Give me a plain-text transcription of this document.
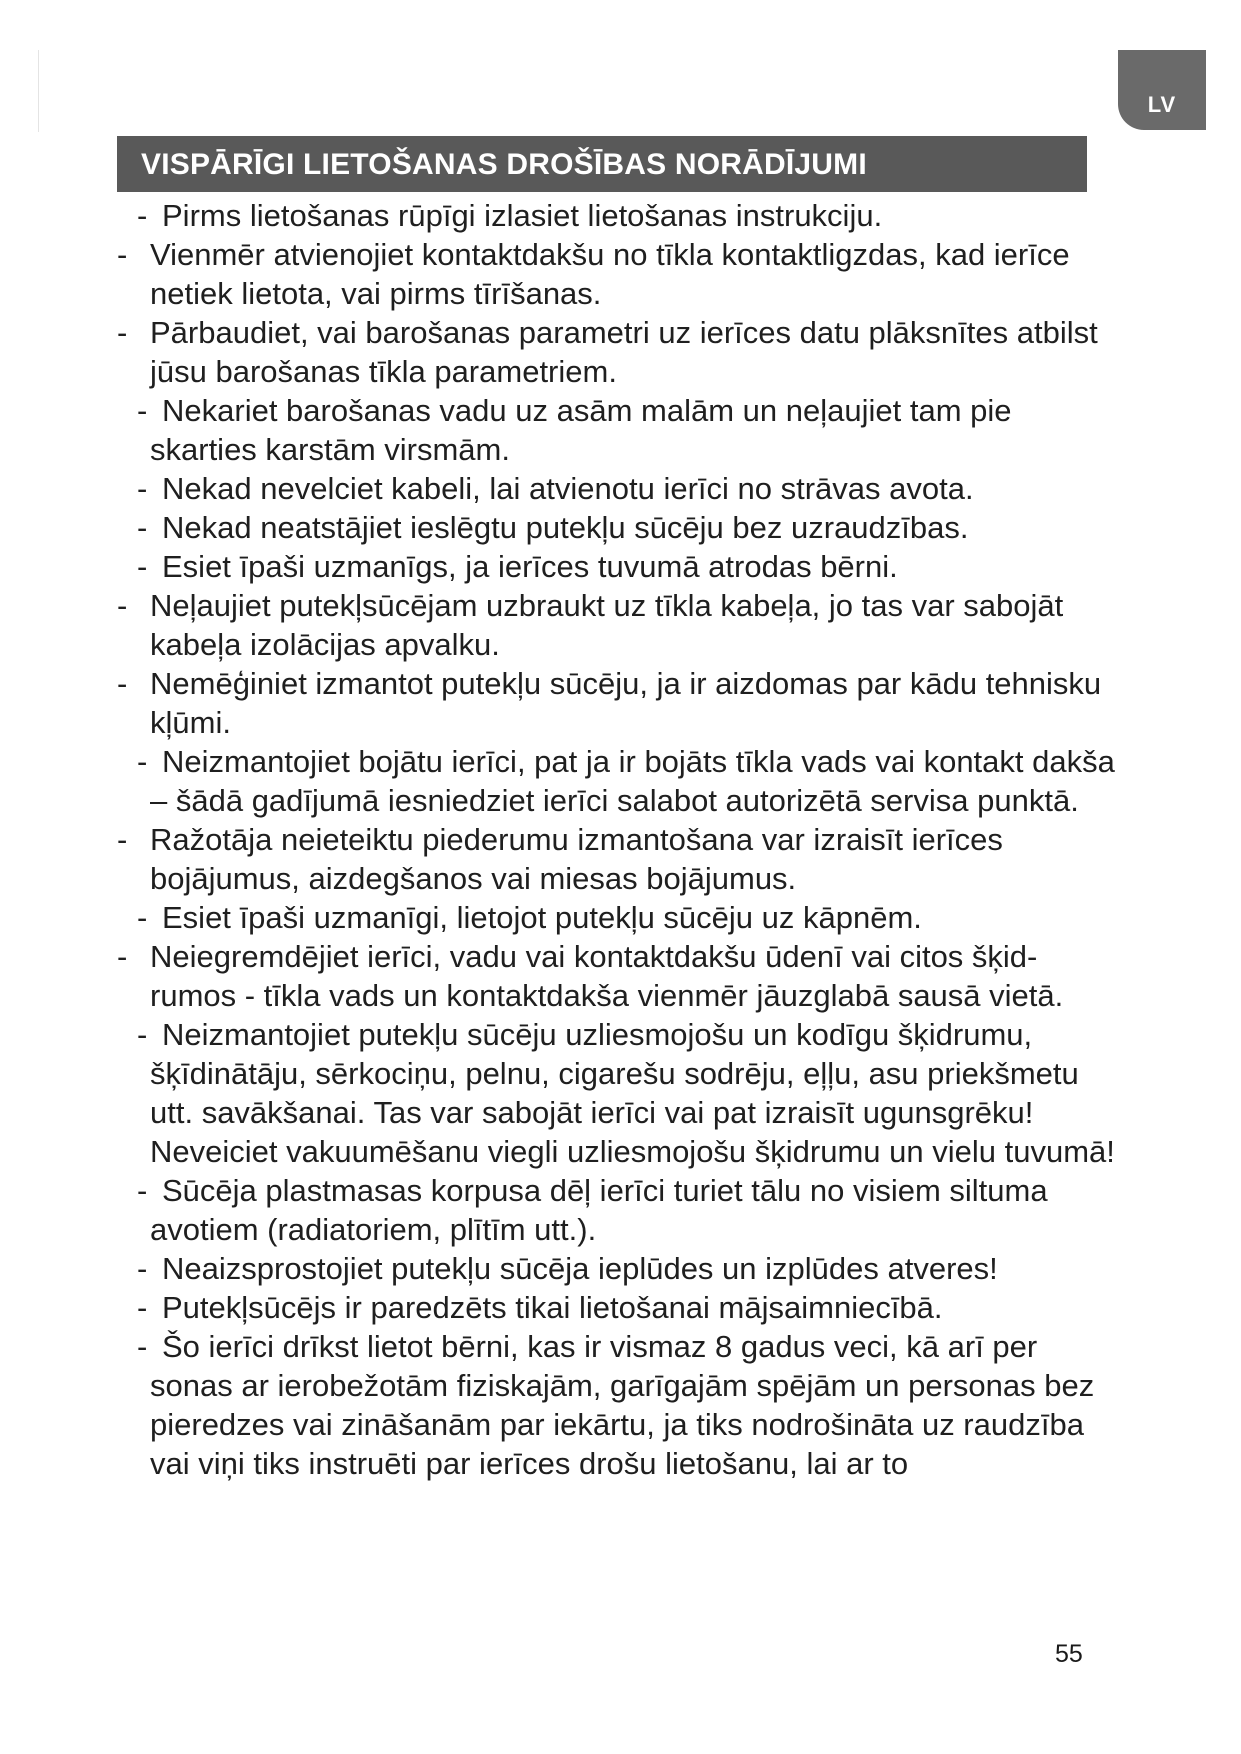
LV
VISPĀRĪGI LIETOŠANAS DROŠĪBAS NORĀDĪJUMI
- Pirms lietošanas rūpīgi izlasiet lietošanas instrukciju.
- Vienmēr atvienojiet kontaktdakšu no tīkla kontaktligzdas, kad ierīce netiek lietota, vai pirms tīrīšanas.
- Pārbaudiet, vai barošanas parametri uz ierīces datu plāksnītes atbilst jūsu barošanas tīkla parametriem.
- Nekariet barošanas vadu uz asām malām un neļaujiet tam pie skarties karstām virsmām.
- Nekad nevelciet kabeli, lai atvienotu ierīci no strāvas avota.
- Nekad neatstājiet ieslēgtu putekļu sūcēju bez uzraudzības.
- Esiet īpaši uzmanīgs, ja ierīces tuvumā atrodas bērni.
- Neļaujiet putekļsūcējam uzbraukt uz tīkla kabeļa, jo tas var sabojāt kabeļa izolācijas apvalku.
- Nemēģiniet izmantot putekļu sūcēju, ja ir aizdomas par kādu tehnisku kļūmi.
- Neizmantojiet bojātu ierīci, pat ja ir bojāts tīkla vads vai kontakt dakša – šādā gadījumā iesniedziet ierīci salabot autorizētā servisa punktā.
- Ražotāja neieteiktu piederumu izmantošana var izraisīt ierīces bojājumus, aizdegšanos vai miesas bojājumus.
- Esiet īpaši uzmanīgi, lietojot putekļu sūcēju uz kāpnēm.
- Neiegremdējiet ierīci, vadu vai kontaktdakšu ūdenī vai citos šķid- rumos - tīkla vads un kontaktdakša vienmēr jāuzglabā sausā vietā.
- Neizmantojiet putekļu sūcēju uzliesmojošu un kodīgu šķidrumu, šķīdinātāju, sērkociņu, pelnu, cigarešu sodrēju, eļļu, asu priekšmetu utt. savākšanai. Tas var sabojāt ierīci vai pat izraisīt ugunsgrēku! Neveiciet vakuumēšanu viegli uzliesmojošu šķidrumu un vielu tuvumā!
- Sūcēja plastmasas korpusa dēļ ierīci turiet tālu no visiem siltuma avotiem (radiatoriem, plītīm utt.).
- Neaizsprostojiet putekļu sūcēja ieplūdes un izplūdes atveres!
- Putekļsūcējs ir paredzēts tikai lietošanai mājsaimniecībā.
- Šo ierīci drīkst lietot bērni, kas ir vismaz 8 gadus veci, kā arī per sonas ar ierobežotām fiziskajām, garīgajām spējām un personas bez pieredzes vai zināšanām par iekārtu, ja tiks nodrošināta uz raudzība vai viņi tiks instruēti par ierīces drošu lietošanu, lai ar to
55
